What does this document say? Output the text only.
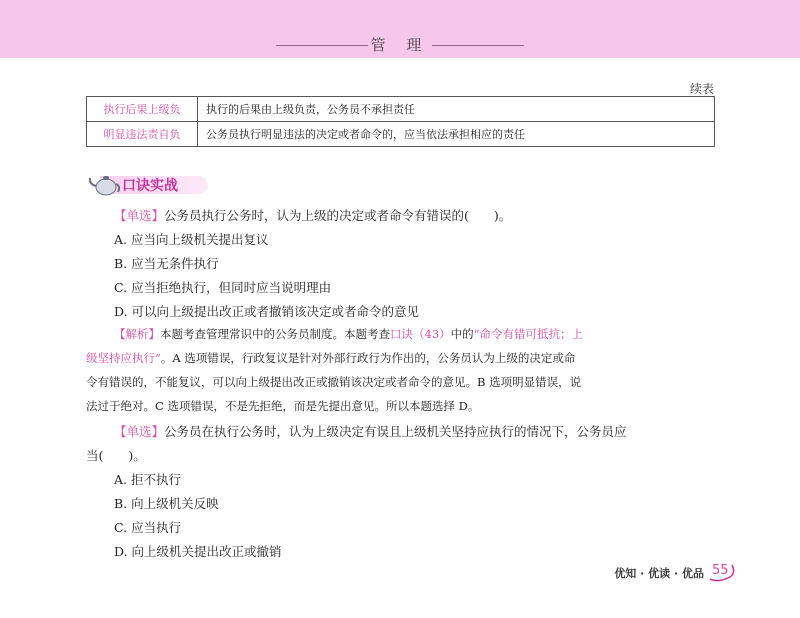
管 理
续表
执行后果上级负	执行的后果由上级负责，公务员不承担责任
明显违法责自负	公务员执行明显违法的决定或者命令的，应当依法承担相应的责任
口诀实战
【单选】公务员执行公务时，认为上级的决定或者命令有错误的(　　)。
A. 应当向上级机关提出复议
B. 应当无条件执行
C. 应当拒绝执行，但同时应当说明理由
D. 可以向上级提出改正或者撤销该决定或者命令的意见
【解析】本题考查管理常识中的公务员制度。本题考查口诀（43）中的“命令有错可抵抗；上
级坚持应执行”。A 选项错误，行政复议是针对外部行政行为作出的，公务员认为上级的决定或命
令有错误的，不能复议，可以向上级提出改正或撤销该决定或者命令的意见。B 选项明显错误，说
法过于绝对。C 选项错误，不是先拒绝，而是先提出意见。所以本题选择 D。
【单选】公务员在执行公务时，认为上级决定有误且上级机关坚持应执行的情况下，公务员应
当(　　)。
A. 拒不执行
B. 向上级机关反映
C. 应当执行
D. 向上级机关提出改正或撤销
优知 · 优读 · 优品 55
